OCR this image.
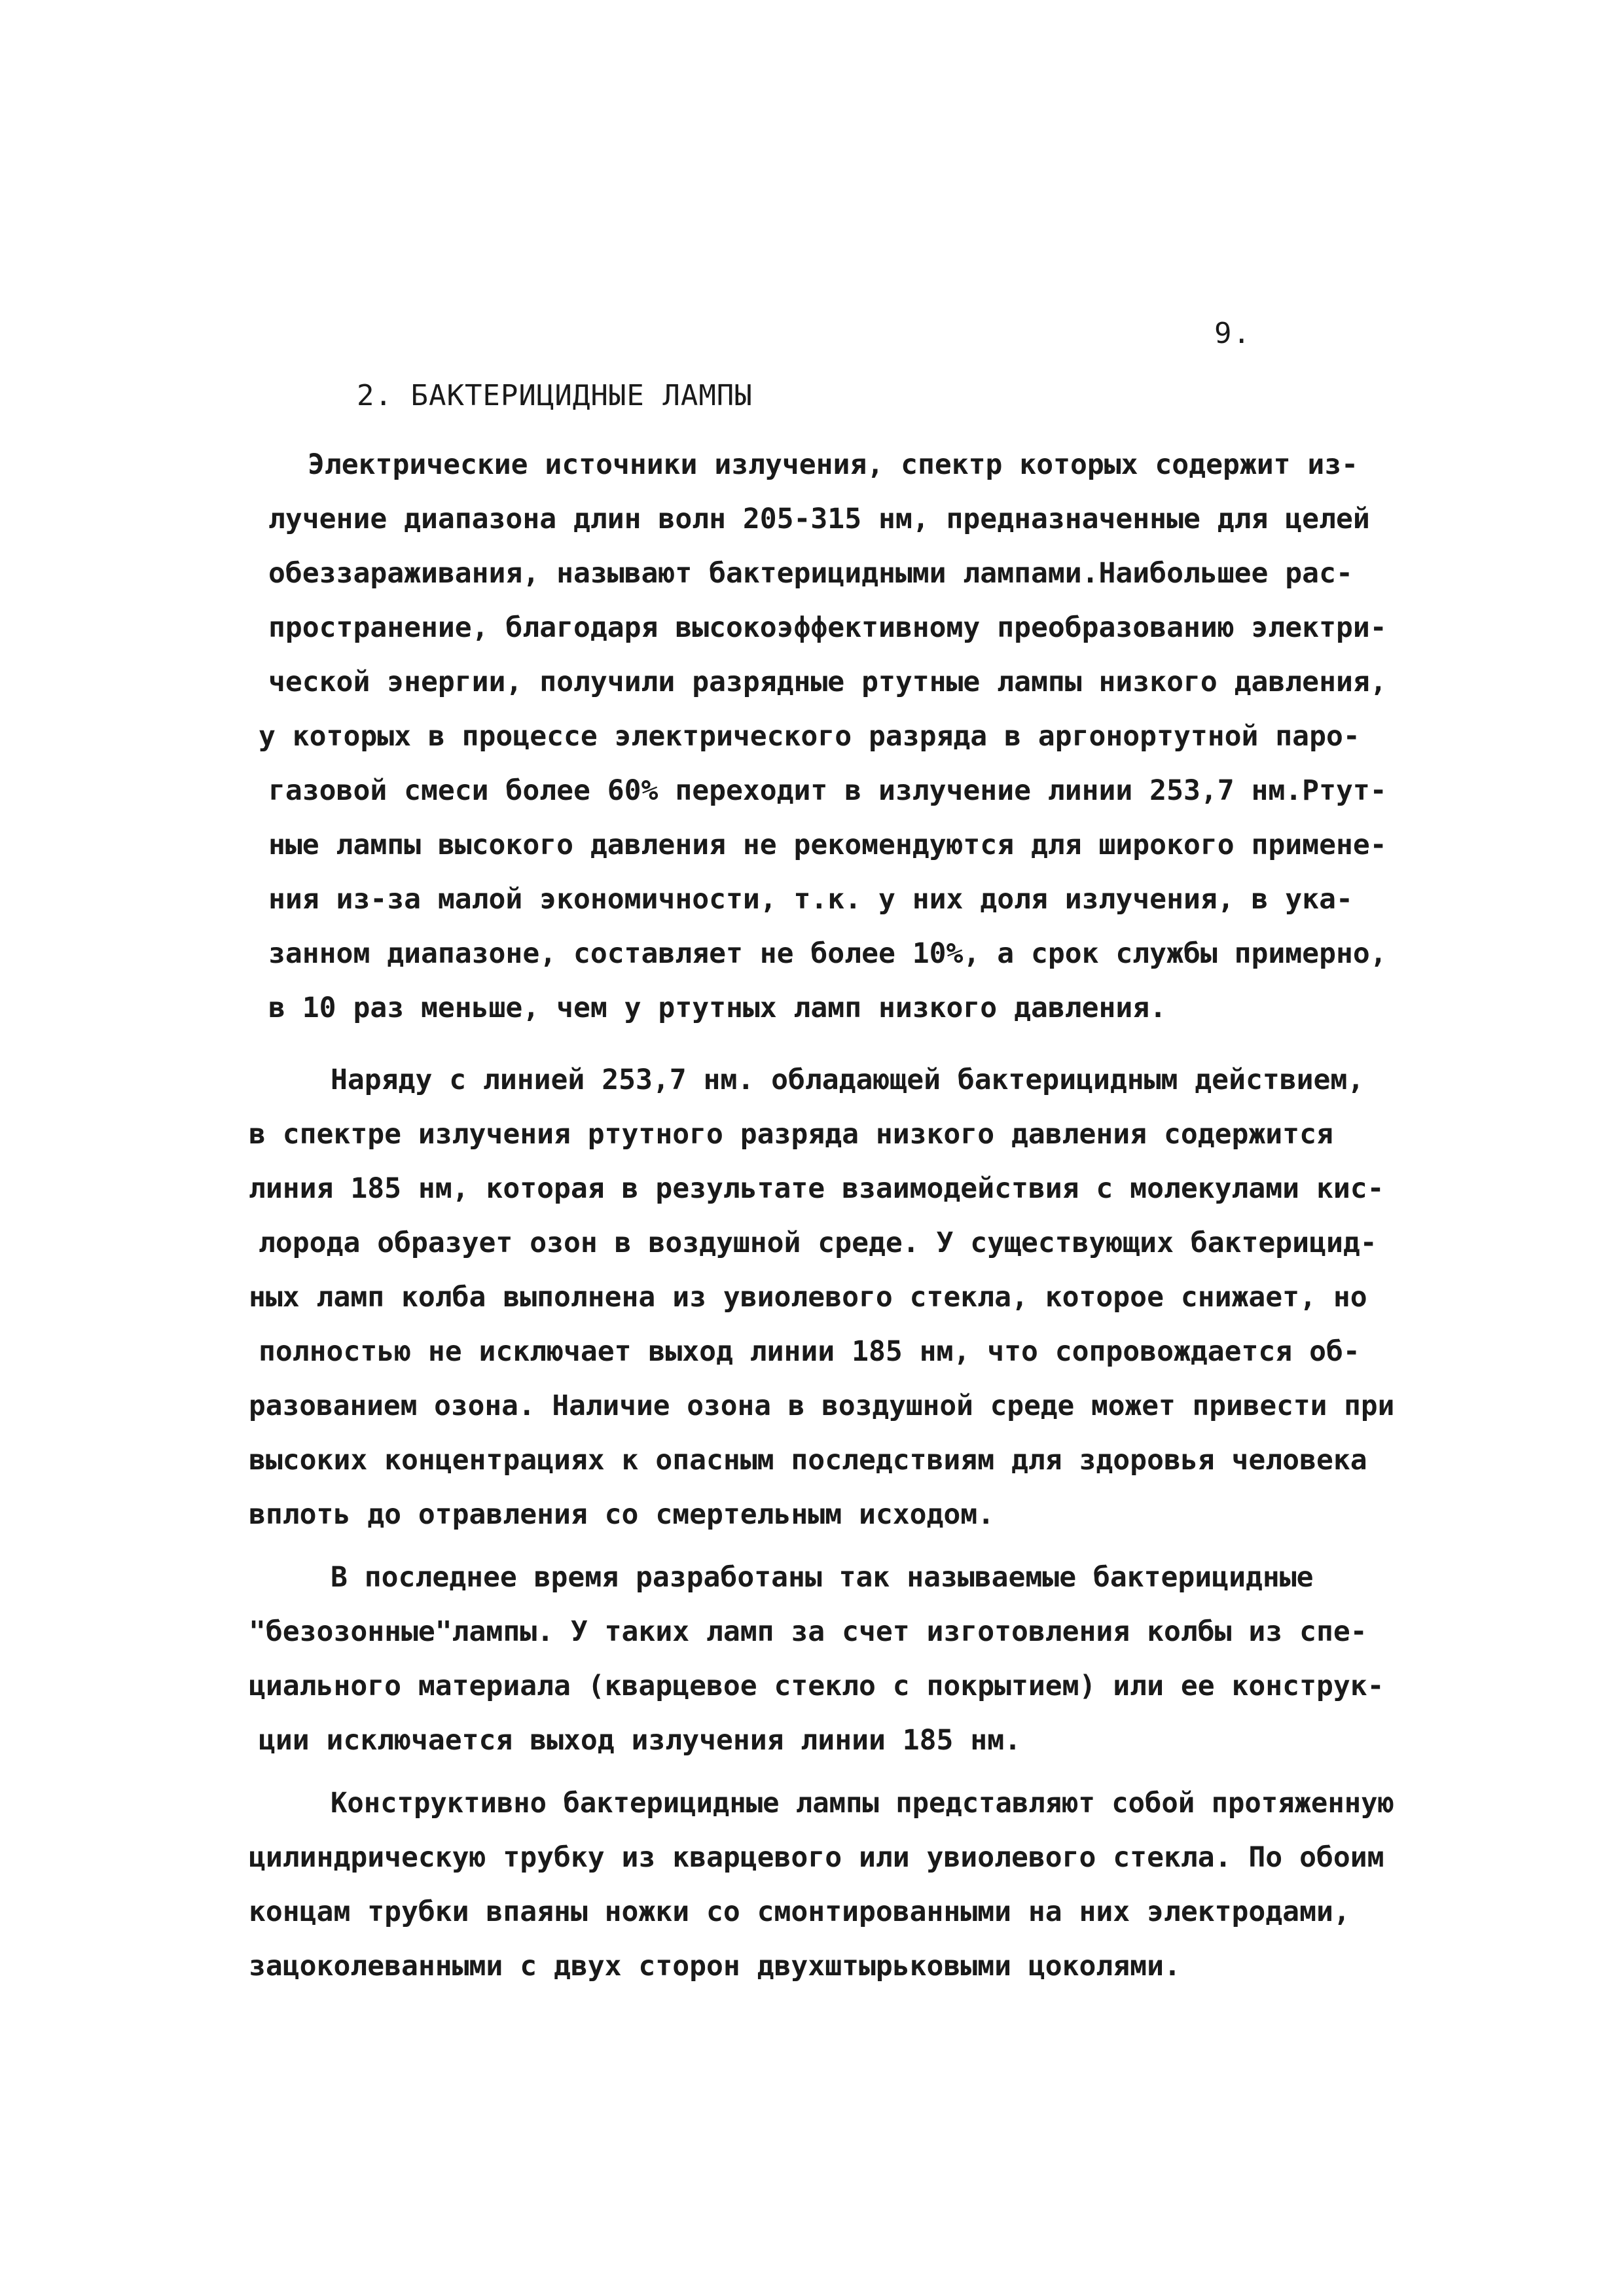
9.
2. БАКТЕРИЦИДНЫЕ ЛАМПЫ
Электрические источники излучения, спектр которых содержит из-
лучение диапазона длин волн 205-315 нм, предназначенные для целей
обеззараживания, называют бактерицидными лампами.Наибольшее рас-
пространение, благодаря высокоэффективному преобразованию электри-
ческой энергии, получили разрядные ртутные лампы низкого давления,
у которых в процессе электрического разряда в аргонортутной паро-
газовой смеси более 60% переходит в излучение линии 253,7 нм.Ртут-
ные лампы высокого давления не рекомендуются для широкого примене-
ния из-за малой экономичности, т.к. у них доля излучения, в ука-
занном диапазоне, составляет не более 10%, а срок службы примерно,
в 10 раз меньше, чем у ртутных ламп низкого давления.
Наряду с линией 253,7 нм. обладающей бактерицидным действием,
в спектре излучения ртутного разряда низкого давления содержится
линия 185 нм, которая в результате взаимодействия с молекулами кис-
лорода образует озон в воздушной среде. У существующих бактерицид-
ных ламп колба выполнена из увиолевого стекла, которое снижает, но
полностью не исключает выход линии 185 нм, что сопровождается об-
разованием озона. Наличие озона в воздушной среде может привести при
высоких концентрациях к опасным последствиям для здоровья человека
вплоть до отравления со смертельным исходом.
В последнее время разработаны так называемые бактерицидные
"безозонные"лампы. У таких ламп за счет изготовления колбы из спе-
циального материала (кварцевое стекло с покрытием) или ее конструк-
ции исключается выход излучения линии 185 нм.
Конструктивно бактерицидные лампы представляют собой протяженную
цилиндрическую трубку из кварцевого или увиолевого стекла. По обоим
концам трубки впаяны ножки со смонтированными на них электродами,
зацоколеванными с двух сторон двухштырьковыми цоколями.
